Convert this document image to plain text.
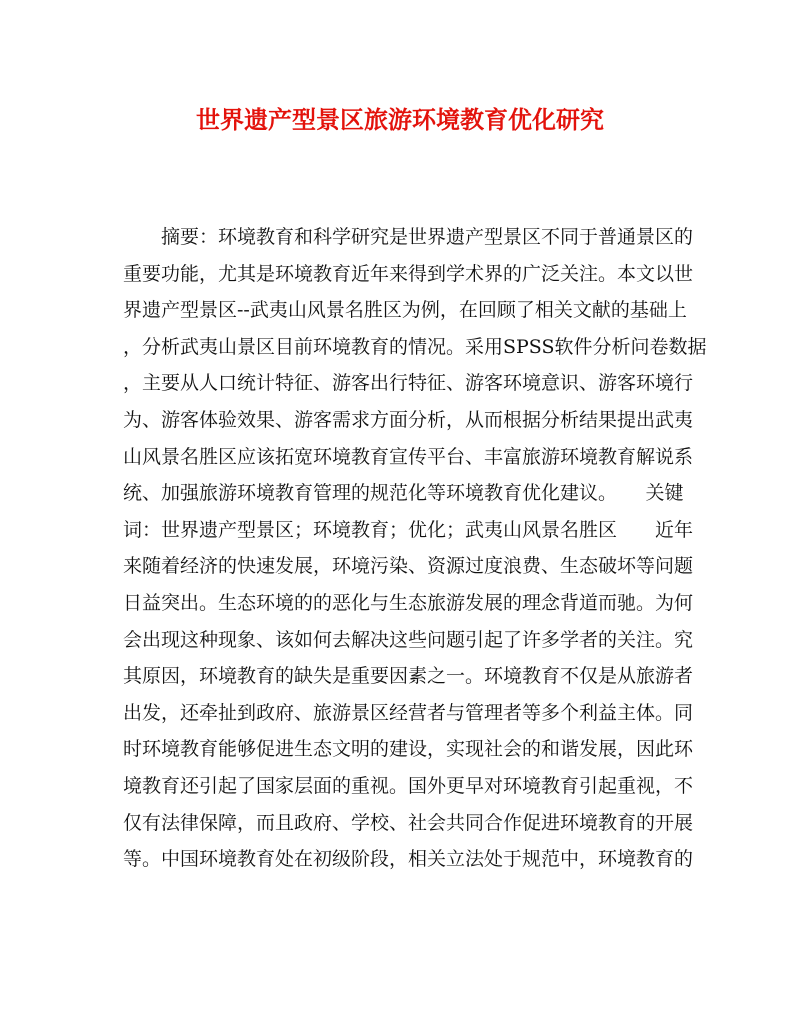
世界遗产型景区旅游环境教育优化研究
摘要：环境教育和科学研究是世界遗产型景区不同于普通景区的
重要功能，尤其是环境教育近年来得到学术界的广泛关注。本文以世
界遗产型景区--武夷山风景名胜区为例，在回顾了相关文献的基础上
，分析武夷山景区目前环境教育的情况。采用SPSS软件分析问卷数据
，主要从人口统计特征、游客出行特征、游客环境意识、游客环境行
为、游客体验效果、游客需求方面分析，从而根据分析结果提出武夷
山风景名胜区应该拓宽环境教育宣传平台、丰富旅游环境教育解说系
统、加强旅游环境教育管理的规范化等环境教育优化建议。　　关键
词：世界遗产型景区；环境教育；优化；武夷山风景名胜区　　近年
来随着经济的快速发展，环境污染、资源过度浪费、生态破坏等问题
日益突出。生态环境的的恶化与生态旅游发展的理念背道而驰。为何
会出现这种现象、该如何去解决这些问题引起了许多学者的关注。究
其原因，环境教育的缺失是重要因素之一。环境教育不仅是从旅游者
出发，还牵扯到政府、旅游景区经营者与管理者等多个利益主体。同
时环境教育能够促进生态文明的建设，实现社会的和谐发展，因此环
境教育还引起了国家层面的重视。国外更早对环境教育引起重视，不
仅有法律保障，而且政府、学校、社会共同合作促进环境教育的开展
等。中国环境教育处在初级阶段，相关立法处于规范中，环境教育的
